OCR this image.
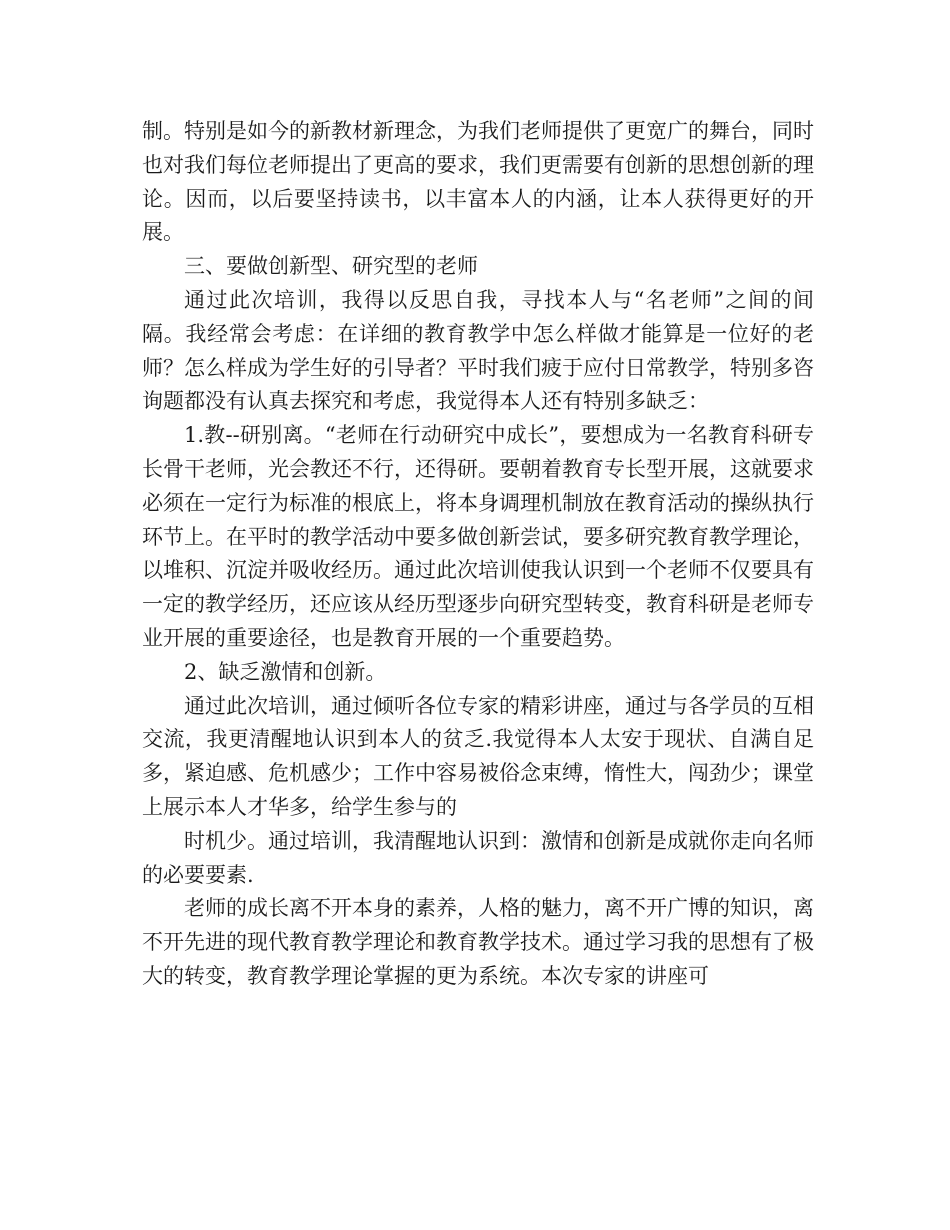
制。特别是如今的新教材新理念，为我们老师提供了更宽广的舞台，同时也对我们每位老师提出了更高的要求，我们更需要有创新的思想创新的理论。因而，以后要坚持读书，以丰富本人的内涵，让本人获得更好的开展。

三、要做创新型、研究型的老师

通过此次培训，我得以反思自我，寻找本人与“名老师”之间的间隔。我经常会考虑：在详细的教育教学中怎么样做才能算是一位好的老师？怎么样成为学生好的引导者？平时我们疲于应付日常教学，特别多咨询题都没有认真去探究和考虑，我觉得本人还有特别多缺乏：

1.教--研别离。“老师在行动研究中成长”，要想成为一名教育科研专长骨干老师，光会教还不行，还得研。要朝着教育专长型开展，这就要求必须在一定行为标准的根底上，将本身调理机制放在教育活动的操纵执行环节上。在平时的教学活动中要多做创新尝试，要多研究教育教学理论，以堆积、沉淀并吸收经历。通过此次培训使我认识到一个老师不仅要具有一定的教学经历，还应该从经历型逐步向研究型转变，教育科研是老师专业开展的重要途径，也是教育开展的一个重要趋势。

2、缺乏激情和创新。

通过此次培训，通过倾听各位专家的精彩讲座，通过与各学员的互相交流，我更清醒地认识到本人的贫乏.我觉得本人太安于现状、自满自足多，紧迫感、危机感少；工作中容易被俗念束缚，惰性大，闯劲少；课堂上展示本人才华多，给学生参与的

时机少。通过培训，我清醒地认识到：激情和创新是成就你走向名师的必要要素.

老师的成长离不开本身的素养，人格的魅力，离不开广博的知识，离不开先进的现代教育教学理论和教育教学技术。通过学习我的思想有了极大的转变，教育教学理论掌握的更为系统。本次专家的讲座可
